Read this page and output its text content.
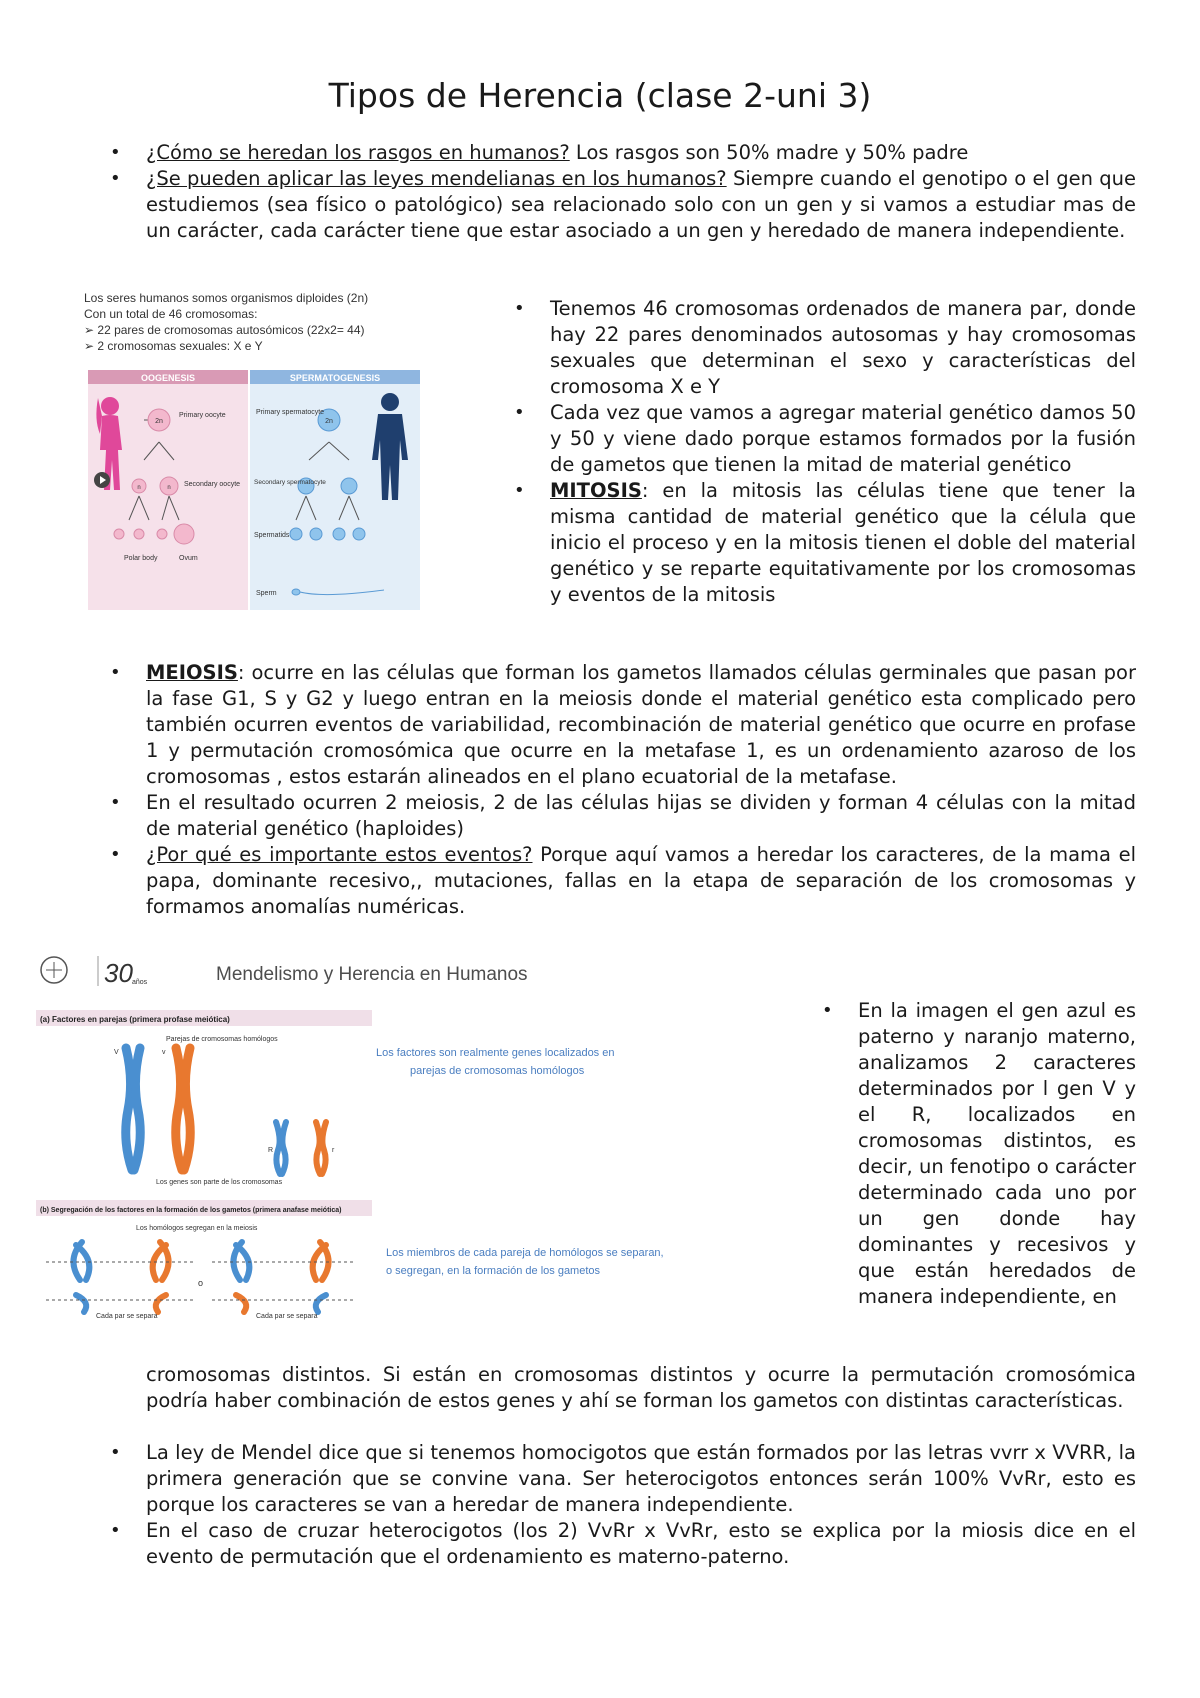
Tipos de Herencia (clase 2-uni 3)
• ¿Cómo se heredan los rasgos en humanos? Los rasgos son 50% madre y 50% padre
• ¿Se pueden aplicar las leyes mendelianas en los humanos? Siempre cuando el genotipo o el gen que estudiemos (sea físico o patológico) sea relacionado solo con un gen y si vamos a estudiar mas de un carácter, cada carácter tiene que estar asociado a un gen y heredado de manera independiente.
Los seres humanos somos organismos diploides (2n)
Con un total de 46 cromosomas:
➢ 22 pares de cromosomas autosómicos (22x2= 44)
➢ 2 cromosomas sexuales: X e Y
OOGENESIS	SPERMATOGENESIS
2n
Primary oocyte
n	n Secondary oocyte
Polar body	Ovum
2n
Primary spermatocyte
Secondary spermatocyte
Spermatids
Sperm
• Tenemos 46 cromosomas ordenados de manera par, donde hay 22 pares denominados autosomas y hay cromosomas sexuales que determinan el sexo y características del cromosoma X e Y
• Cada vez que vamos a agregar material genético damos 50 y 50 y viene dado porque estamos formados por la fusión de gametos que tienen la mitad de material genético
• MITOSIS: en la mitosis las células tiene que tener la misma cantidad de material genético que la célula que inicio el proceso y en la mitosis tienen el doble del material genético y se reparte equitativamente por los cromosomas y eventos de la mitosis
• MEIOSIS: ocurre en las células que forman los gametos llamados células germinales que pasan por la fase G1, S y G2 y luego entran en la meiosis donde el material genético esta complicado pero también ocurren eventos de variabilidad, recombinación de material genético que ocurre en profase 1 y permutación cromosómica que ocurre en la metafase 1, es un ordenamiento azaroso de los cromosomas , estos estarán alineados en el plano ecuatorial de la metafase.
• En el resultado ocurren 2 meiosis, 2 de las células hijas se dividen y forman 4 células con la mitad de material genético (haploides)
• ¿Por qué es importante estos eventos? Porque aquí vamos a heredar los caracteres, de la mama el papa, dominante recesivo,, mutaciones, fallas en la etapa de separación de los cromosomas y formamos anomalías numéricas.
30 años	Mendelismo y Herencia en Humanos
(a) Factores en parejas (primera profase meiótica)
Parejas de cromosomas homólogos
V	v
R	r
Los genes son parte de los cromosomas
Los factores son realmente genes localizados en
parejas de cromosomas homólogos
(b) Segregación de los factores en la formación de los gametos (primera anafase meiótica)
Los homólogos segregan en la meiosis
o
Cada par se separa	Cada par se separa
Los miembros de cada pareja de homólogos se separan,
o segregan, en la formación de los gametos
• En la imagen el gen azul es paterno y naranjo materno, analizamos 2 caracteres determinados por l gen V y el R, localizados en cromosomas distintos, es decir, un fenotipo o carácter determinado cada uno por un gen donde hay dominantes y recesivos y que están heredados de manera independiente, en
cromosomas distintos. Si están en cromosomas distintos y ocurre la permutación cromosómica podría haber combinación de estos genes y ahí se forman los gametos con distintas características.
• La ley de Mendel dice que si tenemos homocigotos que están formados por las letras vvrr x VVRR, la primera generación que se convine vana. Ser heterocigotos entonces serán 100% VvRr, esto es porque los caracteres se van a heredar de manera independiente.
• En el caso de cruzar heterocigotos (los 2) VvRr x VvRr, esto se explica por la miosis dice en el evento de permutación que el ordenamiento es materno-paterno.
